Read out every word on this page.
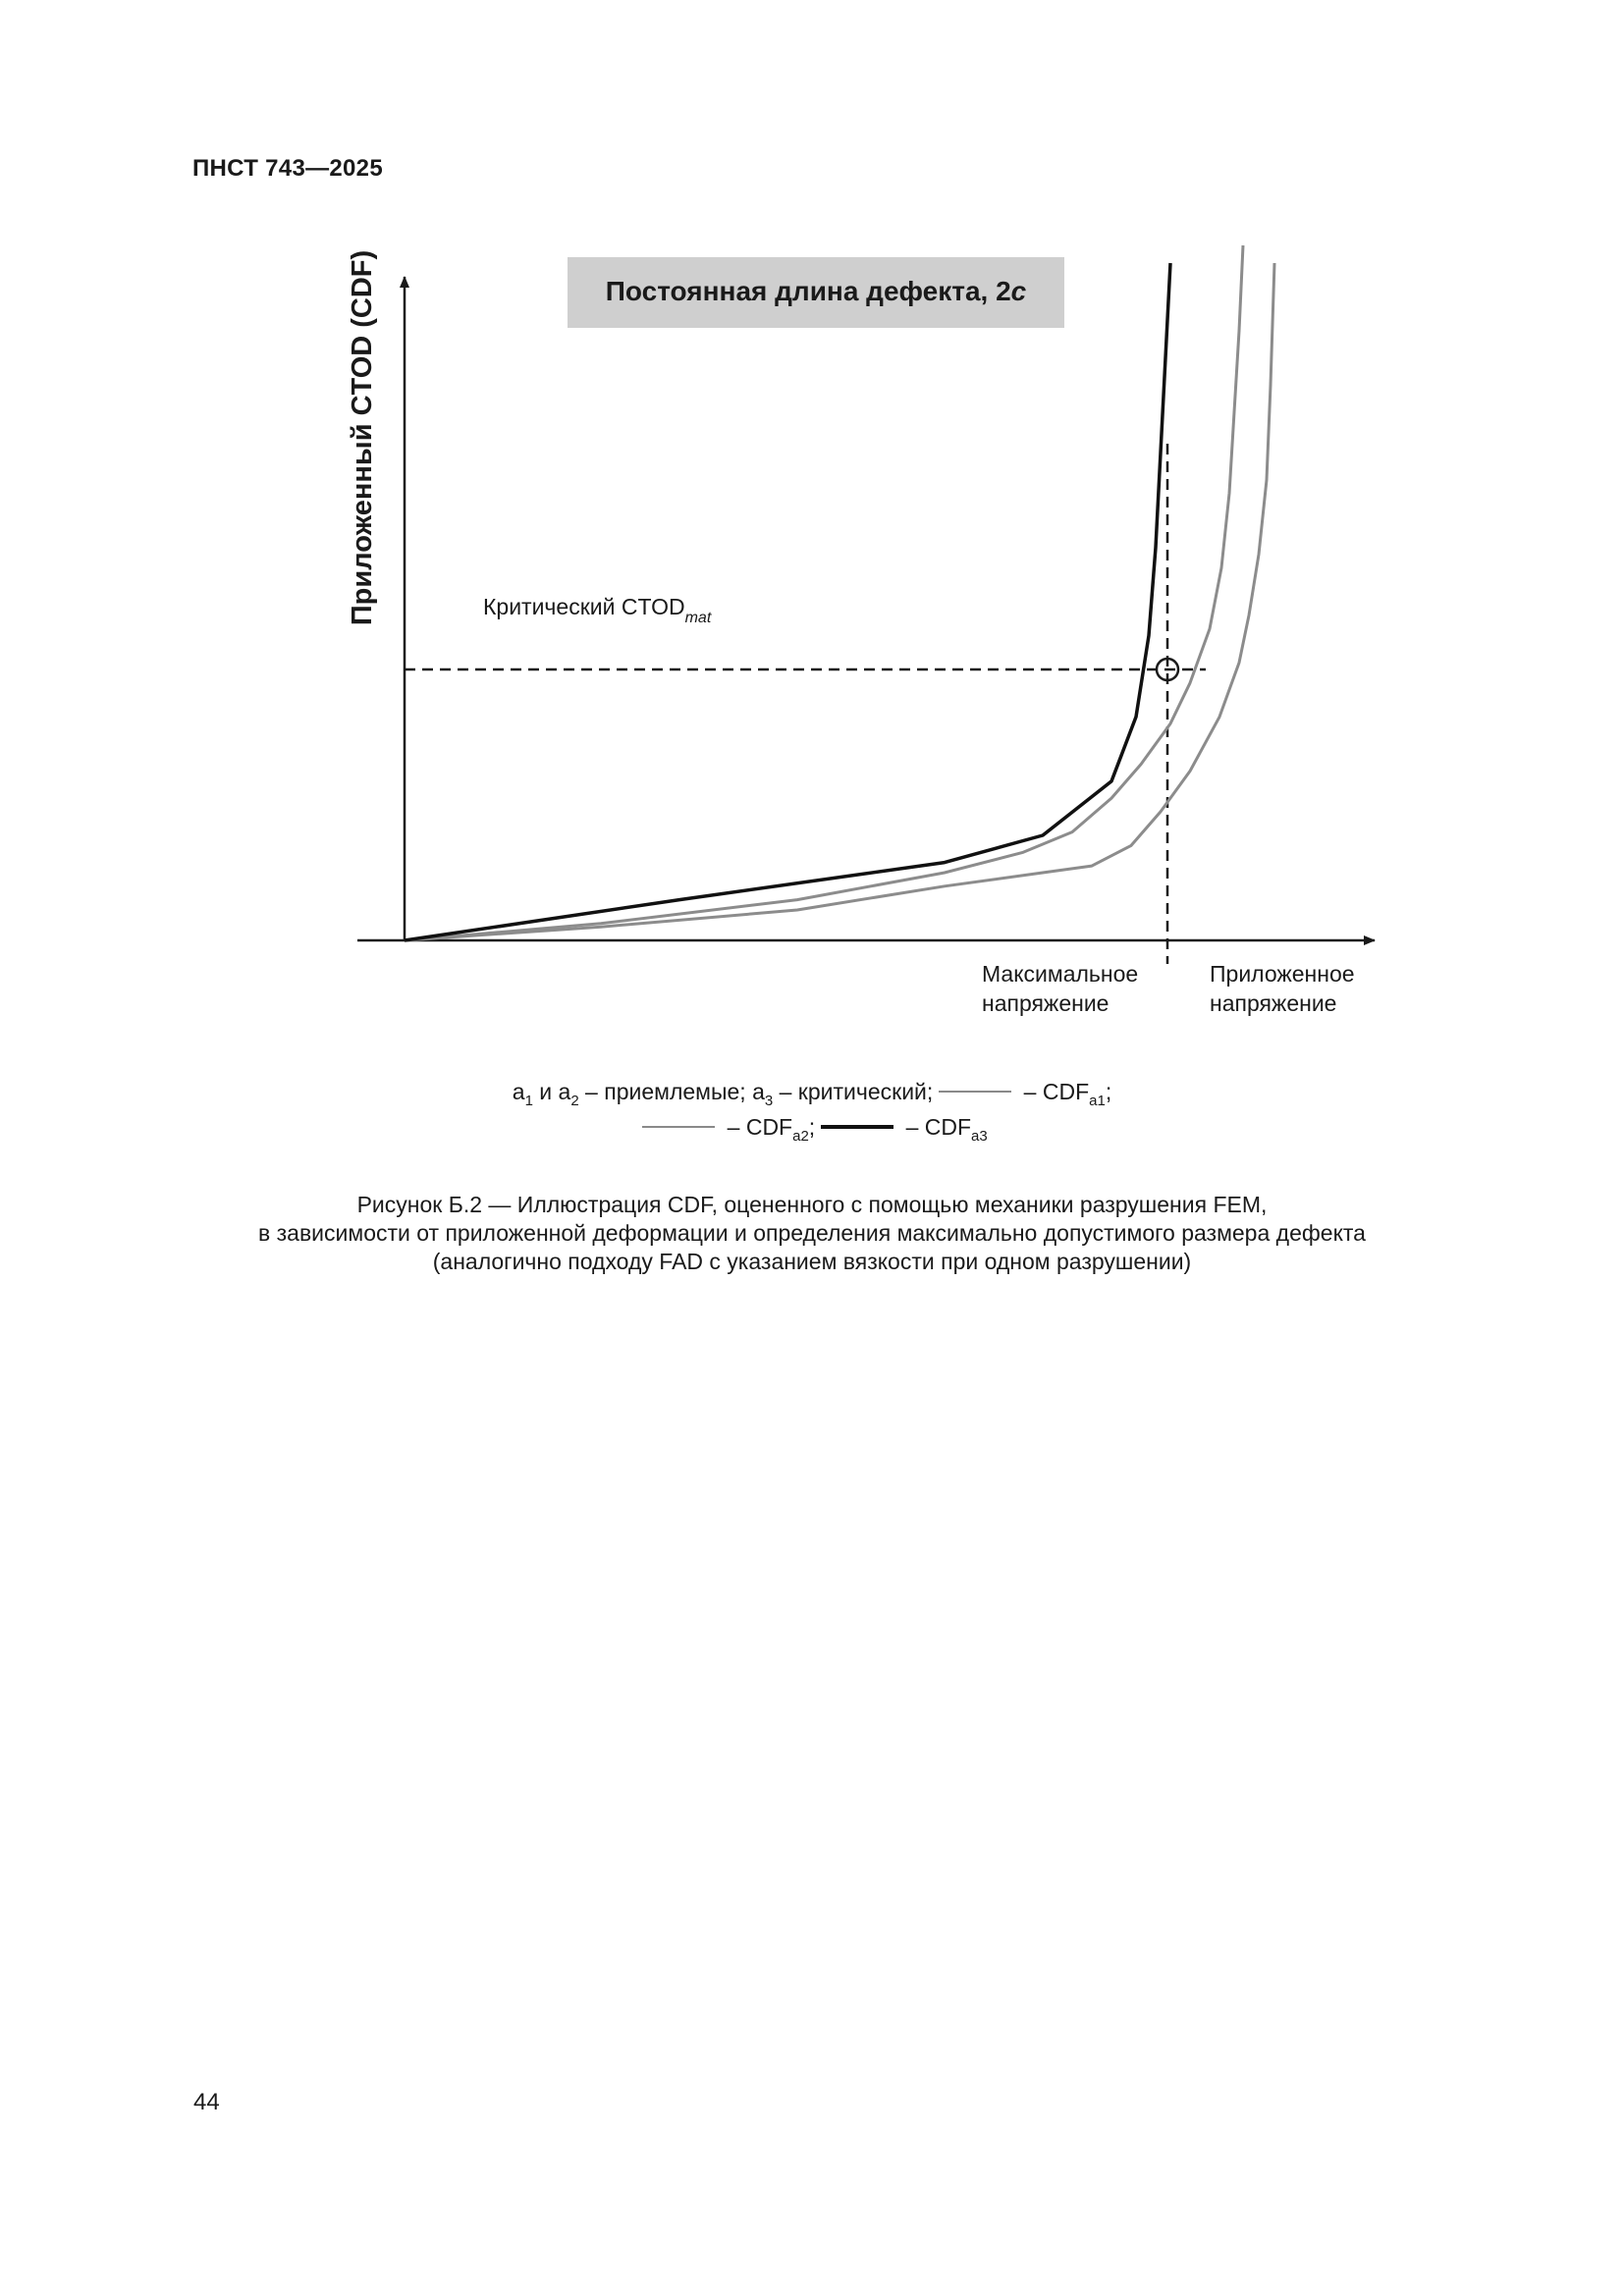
ПНСТ 743—2025
Постоянная длина дефекта, 2c
Приложенный CTOD (CDF)
Приложенное
напряжение
Критический $CTOD_{mat}$
Максимальное
напряжение
$a_1$ и $a_2$ – приемлемые; $a_3$ – критический;	– $CDF_{a1}$;
– $CDF_{a2}$;	– $CDF_{a3}$
Рисунок Б.2 — Иллюстрация CDF, оцененного с помощью механики разрушения FEM,
в зависимости от приложенной деформации и определения максимально допустимого размера дефекта
(аналогично подходу FAD с указанием вязкости при одном разрушении)
44
